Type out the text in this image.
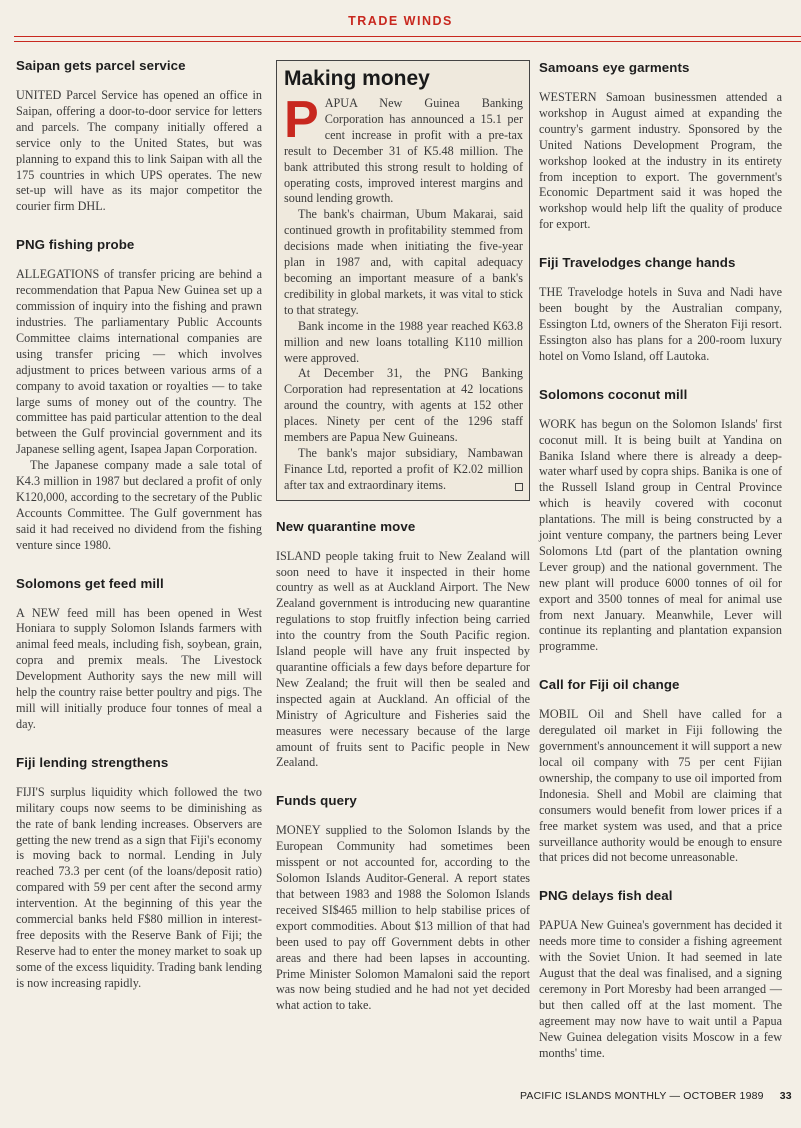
TRADE WINDS
Saipan gets parcel service
UNITED Parcel Service has opened an office in Saipan, offering a door-to-door service for letters and parcels. The company initially offered a service only to the United States, but was planning to expand this to link Saipan with all the 175 countries in which UPS operates. The new set-up will have as its major competitor the courier firm DHL.
PNG fishing probe
ALLEGATIONS of transfer pricing are behind a recommendation that Papua New Guinea set up a commission of inquiry into the fishing and prawn industries. The parliamentary Public Accounts Committee claims international companies are using transfer pricing — which involves adjustment to prices between various arms of a company to avoid taxation or royalties — to take large sums of money out of the country. The committee has paid particular attention to the deal between the Gulf provincial government and its Japanese selling agent, Isapea Japan Corporation.
The Japanese company made a sale total of K4.3 million in 1987 but declared a profit of only K120,000, according to the secretary of the Public Accounts Committee. The Gulf government has said it had received no dividend from the fishing venture since 1980.
Solomons get feed mill
A NEW feed mill has been opened in West Honiara to supply Solomon Islands farmers with animal feed meals, including fish, soybean, grain, copra and premix meals. The Livestock Development Authority says the new mill will help the country raise better poultry and pigs. The mill will initially produce four tonnes of meal a day.
Fiji lending strengthens
FIJI'S surplus liquidity which followed the two military coups now seems to be diminishing as the rate of bank lending increases. Observers are getting the new trend as a sign that Fiji's economy is moving back to normal. Lending in July reached 73.3 per cent (of the loans/deposit ratio) compared with 59 per cent after the second army intervention. At the beginning of this year the commercial banks held F$80 million in interest-free deposits with the Reserve Bank of Fiji; the Reserve had to enter the money market to soak up some of the excess liquidity. Trading bank lending is now increasing rapidly.
Making money
PAPUA New Guinea Banking Corporation has announced a 15.1 per cent increase in profit with a pre-tax result to December 31 of K5.48 million. The bank attributed this strong result to holding of operating costs, improved interest margins and sound lending growth.
The bank's chairman, Ubum Makarai, said continued growth in profitability stemmed from decisions made when initiating the five-year plan in 1987 and, with capital adequacy becoming an important measure of a bank's credibility in global markets, it was vital to stick to that strategy.
Bank income in the 1988 year reached K63.8 million and new loans totalling K110 million were approved.
At December 31, the PNG Banking Corporation had representation at 42 locations around the country, with agents at 152 other places. Ninety per cent of the 1296 staff members are Papua New Guineans.
The bank's major subsidiary, Nambawan Finance Ltd, reported a profit of K2.02 million after tax and extraordinary items.
New quarantine move
ISLAND people taking fruit to New Zealand will soon need to have it inspected in their home country as well as at Auckland Airport. The New Zealand government is introducing new quarantine regulations to stop fruitfly infection being carried into the country from the South Pacific region. Island people will have any fruit inspected by quarantine officials a few days before departure for New Zealand; the fruit will then be sealed and inspected again at Auckland. An official of the Ministry of Agriculture and Fisheries said the measures were necessary because of the large amount of fruits sent to Pacific people in New Zealand.
Funds query
MONEY supplied to the Solomon Islands by the European Community had sometimes been misspent or not accounted for, according to the Solomon Islands Auditor-General. A report states that between 1983 and 1988 the Solomon Islands received SI$465 million to help stabilise prices of export commodities. About $13 million of that had been used to pay off Government debts in other areas and there had been lapses in accounting. Prime Minister Solomon Mamaloni said the report was now being studied and he had not yet decided what action to take.
Samoans eye garments
WESTERN Samoan businessmen attended a workshop in August aimed at expanding the country's garment industry. Sponsored by the United Nations Development Program, the workshop looked at the industry in its entirety from inception to export. The government's Economic Department said it was hoped the workshop would help lift the quality of produce for export.
Fiji Travelodges change hands
THE Travelodge hotels in Suva and Nadi have been bought by the Australian company, Essington Ltd, owners of the Sheraton Fiji resort. Essington also has plans for a 200-room luxury hotel on Vomo Island, off Lautoka.
Solomons coconut mill
WORK has begun on the Solomon Islands' first coconut mill. It is being built at Yandina on Banika Island where there is already a deep-water wharf used by copra ships. Banika is one of the Russell Island group in Central Province which is heavily covered with coconut plantations. The mill is being constructed by a joint venture company, the partners being Lever Solomons Ltd (part of the plantation owning Lever group) and the national government. The new plant will produce 6000 tonnes of oil for export and 3500 tonnes of meal for animal use from next January. Meanwhile, Lever will continue its replanting and plantation expansion programme.
Call for Fiji oil change
MOBIL Oil and Shell have called for a deregulated oil market in Fiji following the government's announcement it will support a new local oil company with 75 per cent Fijian ownership, the company to use oil imported from Indonesia. Shell and Mobil are claiming that consumers would benefit from lower prices if a free market system was used, and that a price surveillance authority would be enough to ensure that prices did not become unreasonable.
PNG delays fish deal
PAPUA New Guinea's government has decided it needs more time to consider a fishing agreement with the Soviet Union. It had seemed in late August that the deal was finalised, and a signing ceremony in Port Moresby had been arranged — but then called off at the last moment. The agreement may now have to wait until a Papua New Guinea delegation visits Moscow in a few months' time.
PACIFIC ISLANDS MONTHLY — OCTOBER 1989 33
